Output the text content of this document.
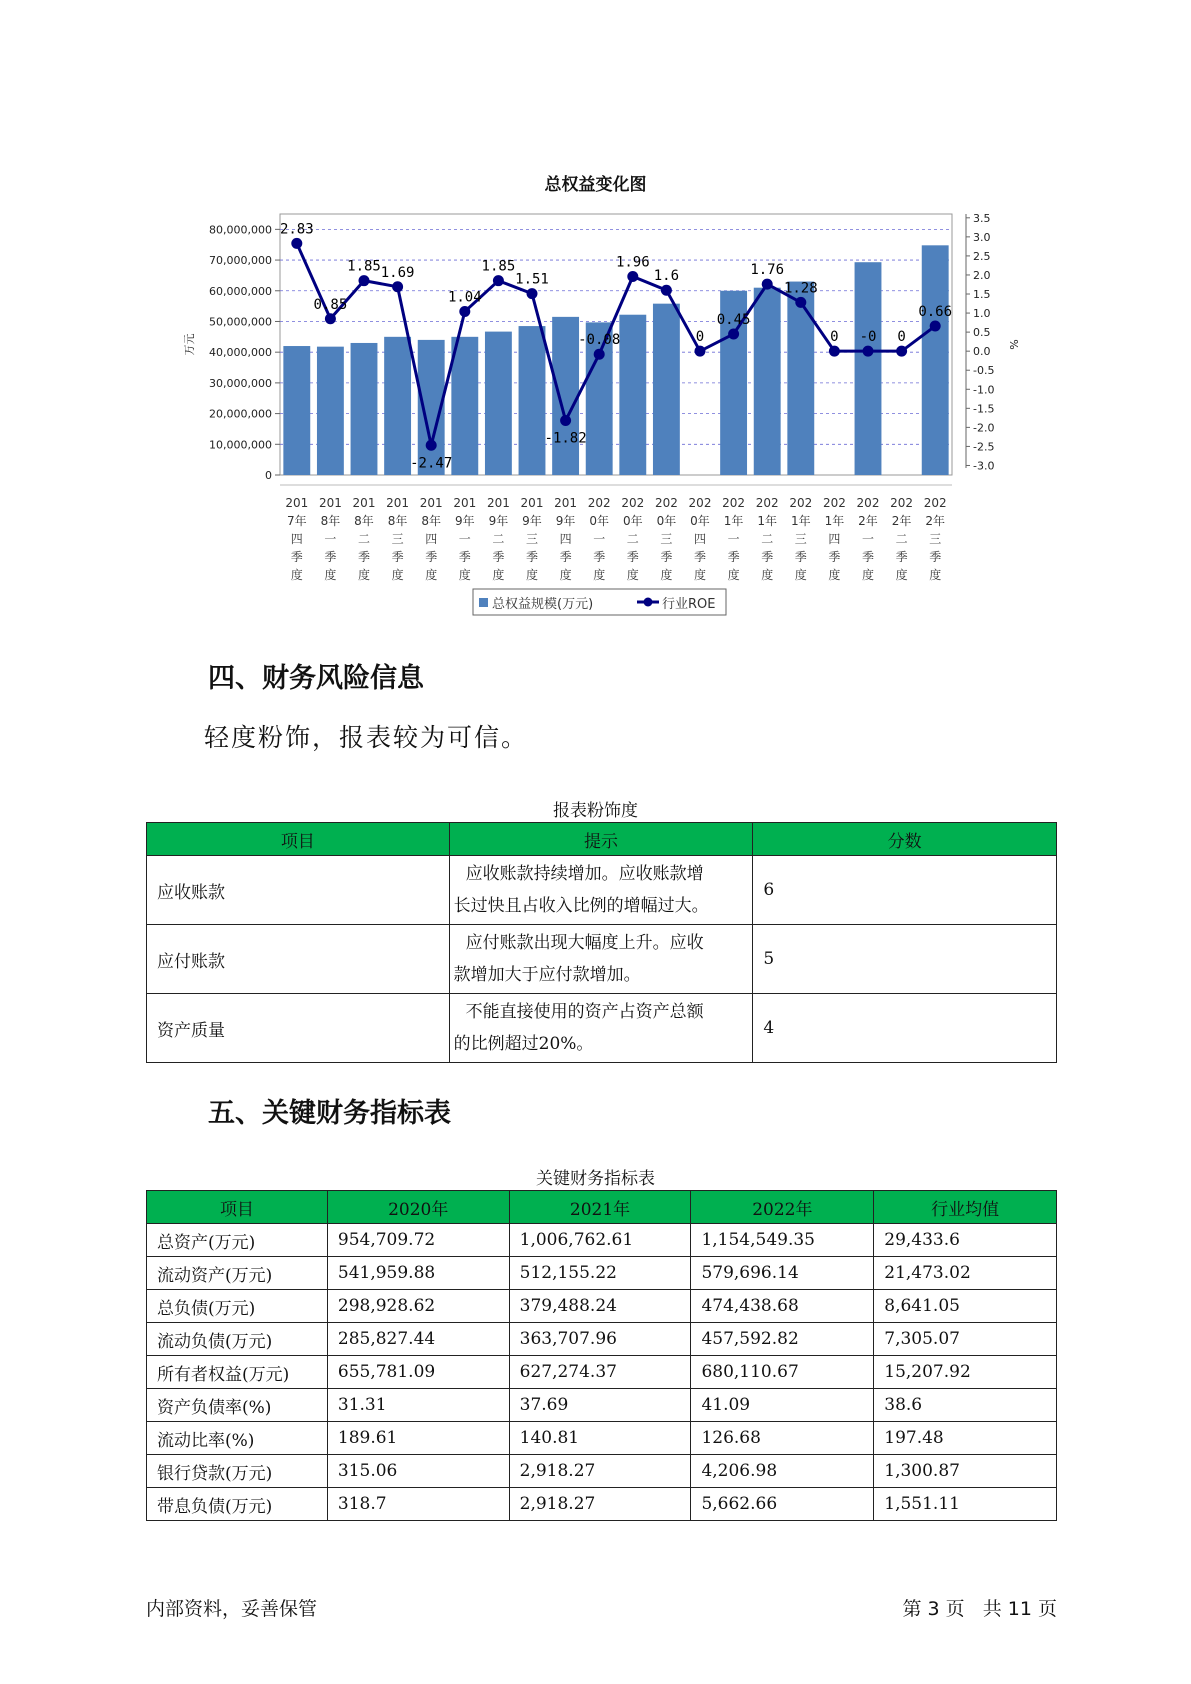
总权益变化图
80,000,000
70,000,000
60,000,000
50,000,000
40,000,000
30,000,000
20,000,000
10,000,000
0
3.5
3.0
2.5
2.0
1.5
1.0
0.5
0.0
-0.5
-1.0
-1.5
-2.0
-2.5
-3.0
万元	%
2.83
0.85
1.85 1.69
-2.47
1.04
1.85
1.51
-1.82
-0.08
1.96
1.6
0
0.45
1.76
1.28
0 -0 0
0.66
201
7年
四
季
度
201
8年
一
季
度
201
8年
二
季
度
201
8年
三
季
度
201
8年
四
季
度
201
9年
一
季
度
201
9年
二
季
度
201
9年
三
季
度
201
9年
四
季
度
202
0年
一
季
度
202
0年
二
季
度
202
0年
三
季
度
202
0年
四
季
度
202
1年
一
季
度
202
1年
二
季
度
202
1年
三
季
度
202
1年
四
季
度
202
2年
一
季
度
202
2年
二
季
度
202
2年
三
季
度
总权益规模(万元)	行业ROE
四、财务风险信息
轻度粉饰，报表较为可信。
报表粉饰度
项目	提示	分数
应收账款	应收账款持续增加。应收账款增
长过快且占收入比例的增幅过大。	6
应付账款	应付账款出现大幅度上升。应收
款增加大于应付款增加。	5
资产质量	不能直接使用的资产占资产总额
的比例超过20%。	4
五、关键财务指标表
关键财务指标表
项目	2020年	2021年	2022年	行业均值
总资产(万元)	954,709.72	1,006,762.61	1,154,549.35	29,433.6
流动资产(万元)	541,959.88	512,155.22	579,696.14	21,473.02
总负债(万元)	298,928.62	379,488.24	474,438.68	8,641.05
流动负债(万元)	285,827.44	363,707.96	457,592.82	7,305.07
所有者权益(万元)	655,781.09	627,274.37	680,110.67	15,207.92
资产负债率(%)	31.31	37.69	41.09	38.6
流动比率(%)	189.61	140.81	126.68	197.48
银行贷款(万元)	315.06	2,918.27	4,206.98	1,300.87
带息负债(万元)	318.7	2,918.27	5,662.66	1,551.11
内部资料，妥善保管	第 3 页   共 11 页
